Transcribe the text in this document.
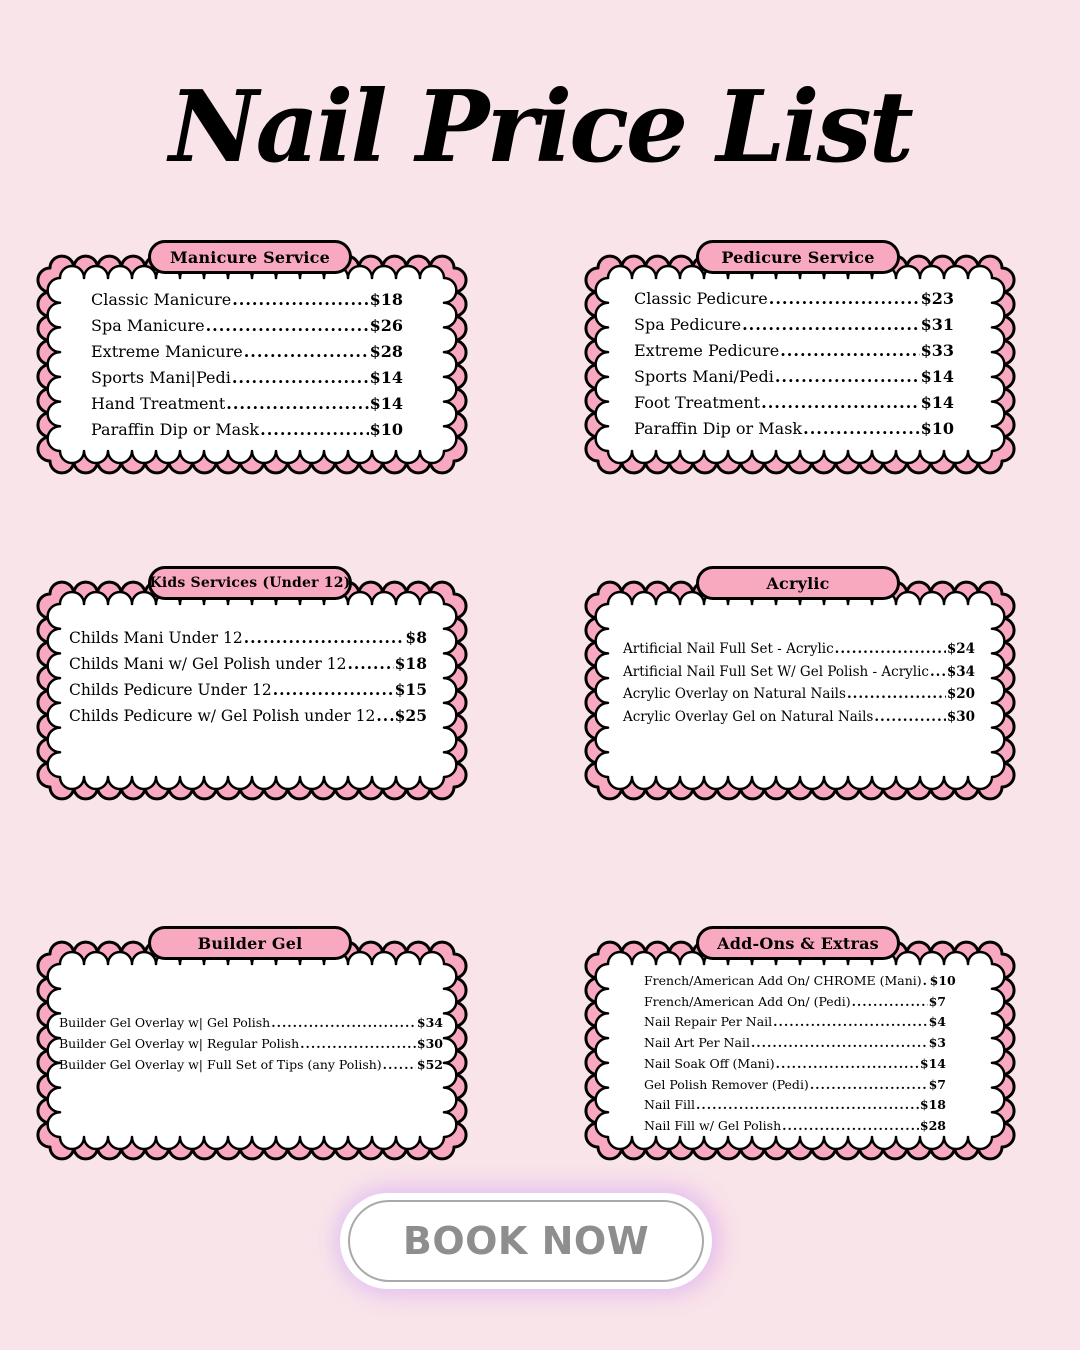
Nail Price List
Manicure Service
Classic Manicure .....	$18
Spa Manicure .....	$26
Extreme Manicure .....	$28
Sports Mani|Pedi .....	$14
Hand Treatment .....	$14
Paraffin Dip or Mask .....	$10
Pedicure Service
Classic Pedicure .....	$23
Spa Pedicure .....	$31
Extreme Pedicure .....	$33
Sports Mani/Pedi .....	$14
Foot Treatment .....	$14
Paraffin Dip or Mask .....	$10
Kids Services (Under 12)
Childs Mani Under 12 .....	$8
Childs Mani w/ Gel Polish under 12 .....	$18
Childs Pedicure Under 12 .....	$15
Childs Pedicure w/ Gel Polish under 12 ..... $25
Acrylic
Artificial Nail Full Set - Acrylic .....	$24
Artificial Nail Full Set W/ Gel Polish - Acrylic ..... $34
Acrylic Overlay on Natural Nails .....	$20
Acrylic Overlay Gel on Natural Nails .....	$30
Builder Gel
Builder Gel Overlay w| Gel Polish .....	$34
Builder Gel Overlay w| Regular Polish .....	$30
Builder Gel Overlay w| Full Set of Tips (any Polish) .....	$52
Add-Ons & Extras
French/American Add On/ CHROME (Mani) ..... $10
French/American Add On/ (Pedi) .....	$7
Nail Repair Per Nail .....	$4
Nail Art Per Nail .....	$3
Nail Soak Off (Mani) .....	$14
Gel Polish Remover (Pedi) .....	$7
Nail Fill .....	$18
Nail Fill w/ Gel Polish .....	$28
BOOK NOW
